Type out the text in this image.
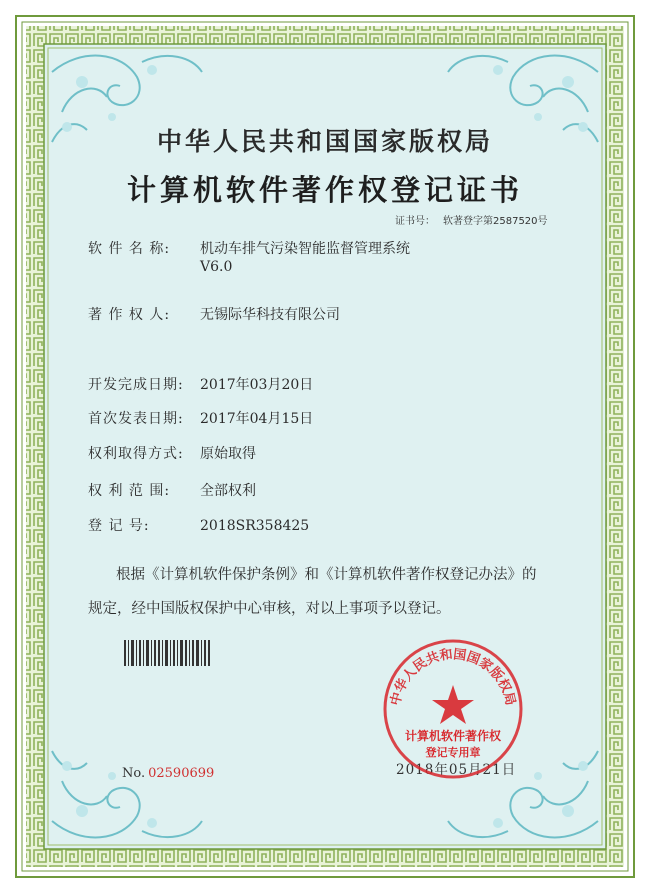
中华人民共和国国家版权局
计算机软件著作权登记证书
证书号： 软著登字第2587520号
软 件 名 称: 机动车排气污染智能监督管理系统
V6.0
著 作 权 人: 无锡际华科技有限公司
开发完成日期: 2017年03月20日
首次发表日期: 2017年04月15日
权利取得方式: 原始取得
权 利 范 围: 全部权利
登 记 号:	2018SR358425
根据《计算机软件保护条例》和《计算机软件著作权登记办法》的
规定，经中国版权保护中心审核，对以上事项予以登记。
No. 02590699	2018年05月21日
中华人民共和国国家版权局
计算机软件著作权
登记专用章
